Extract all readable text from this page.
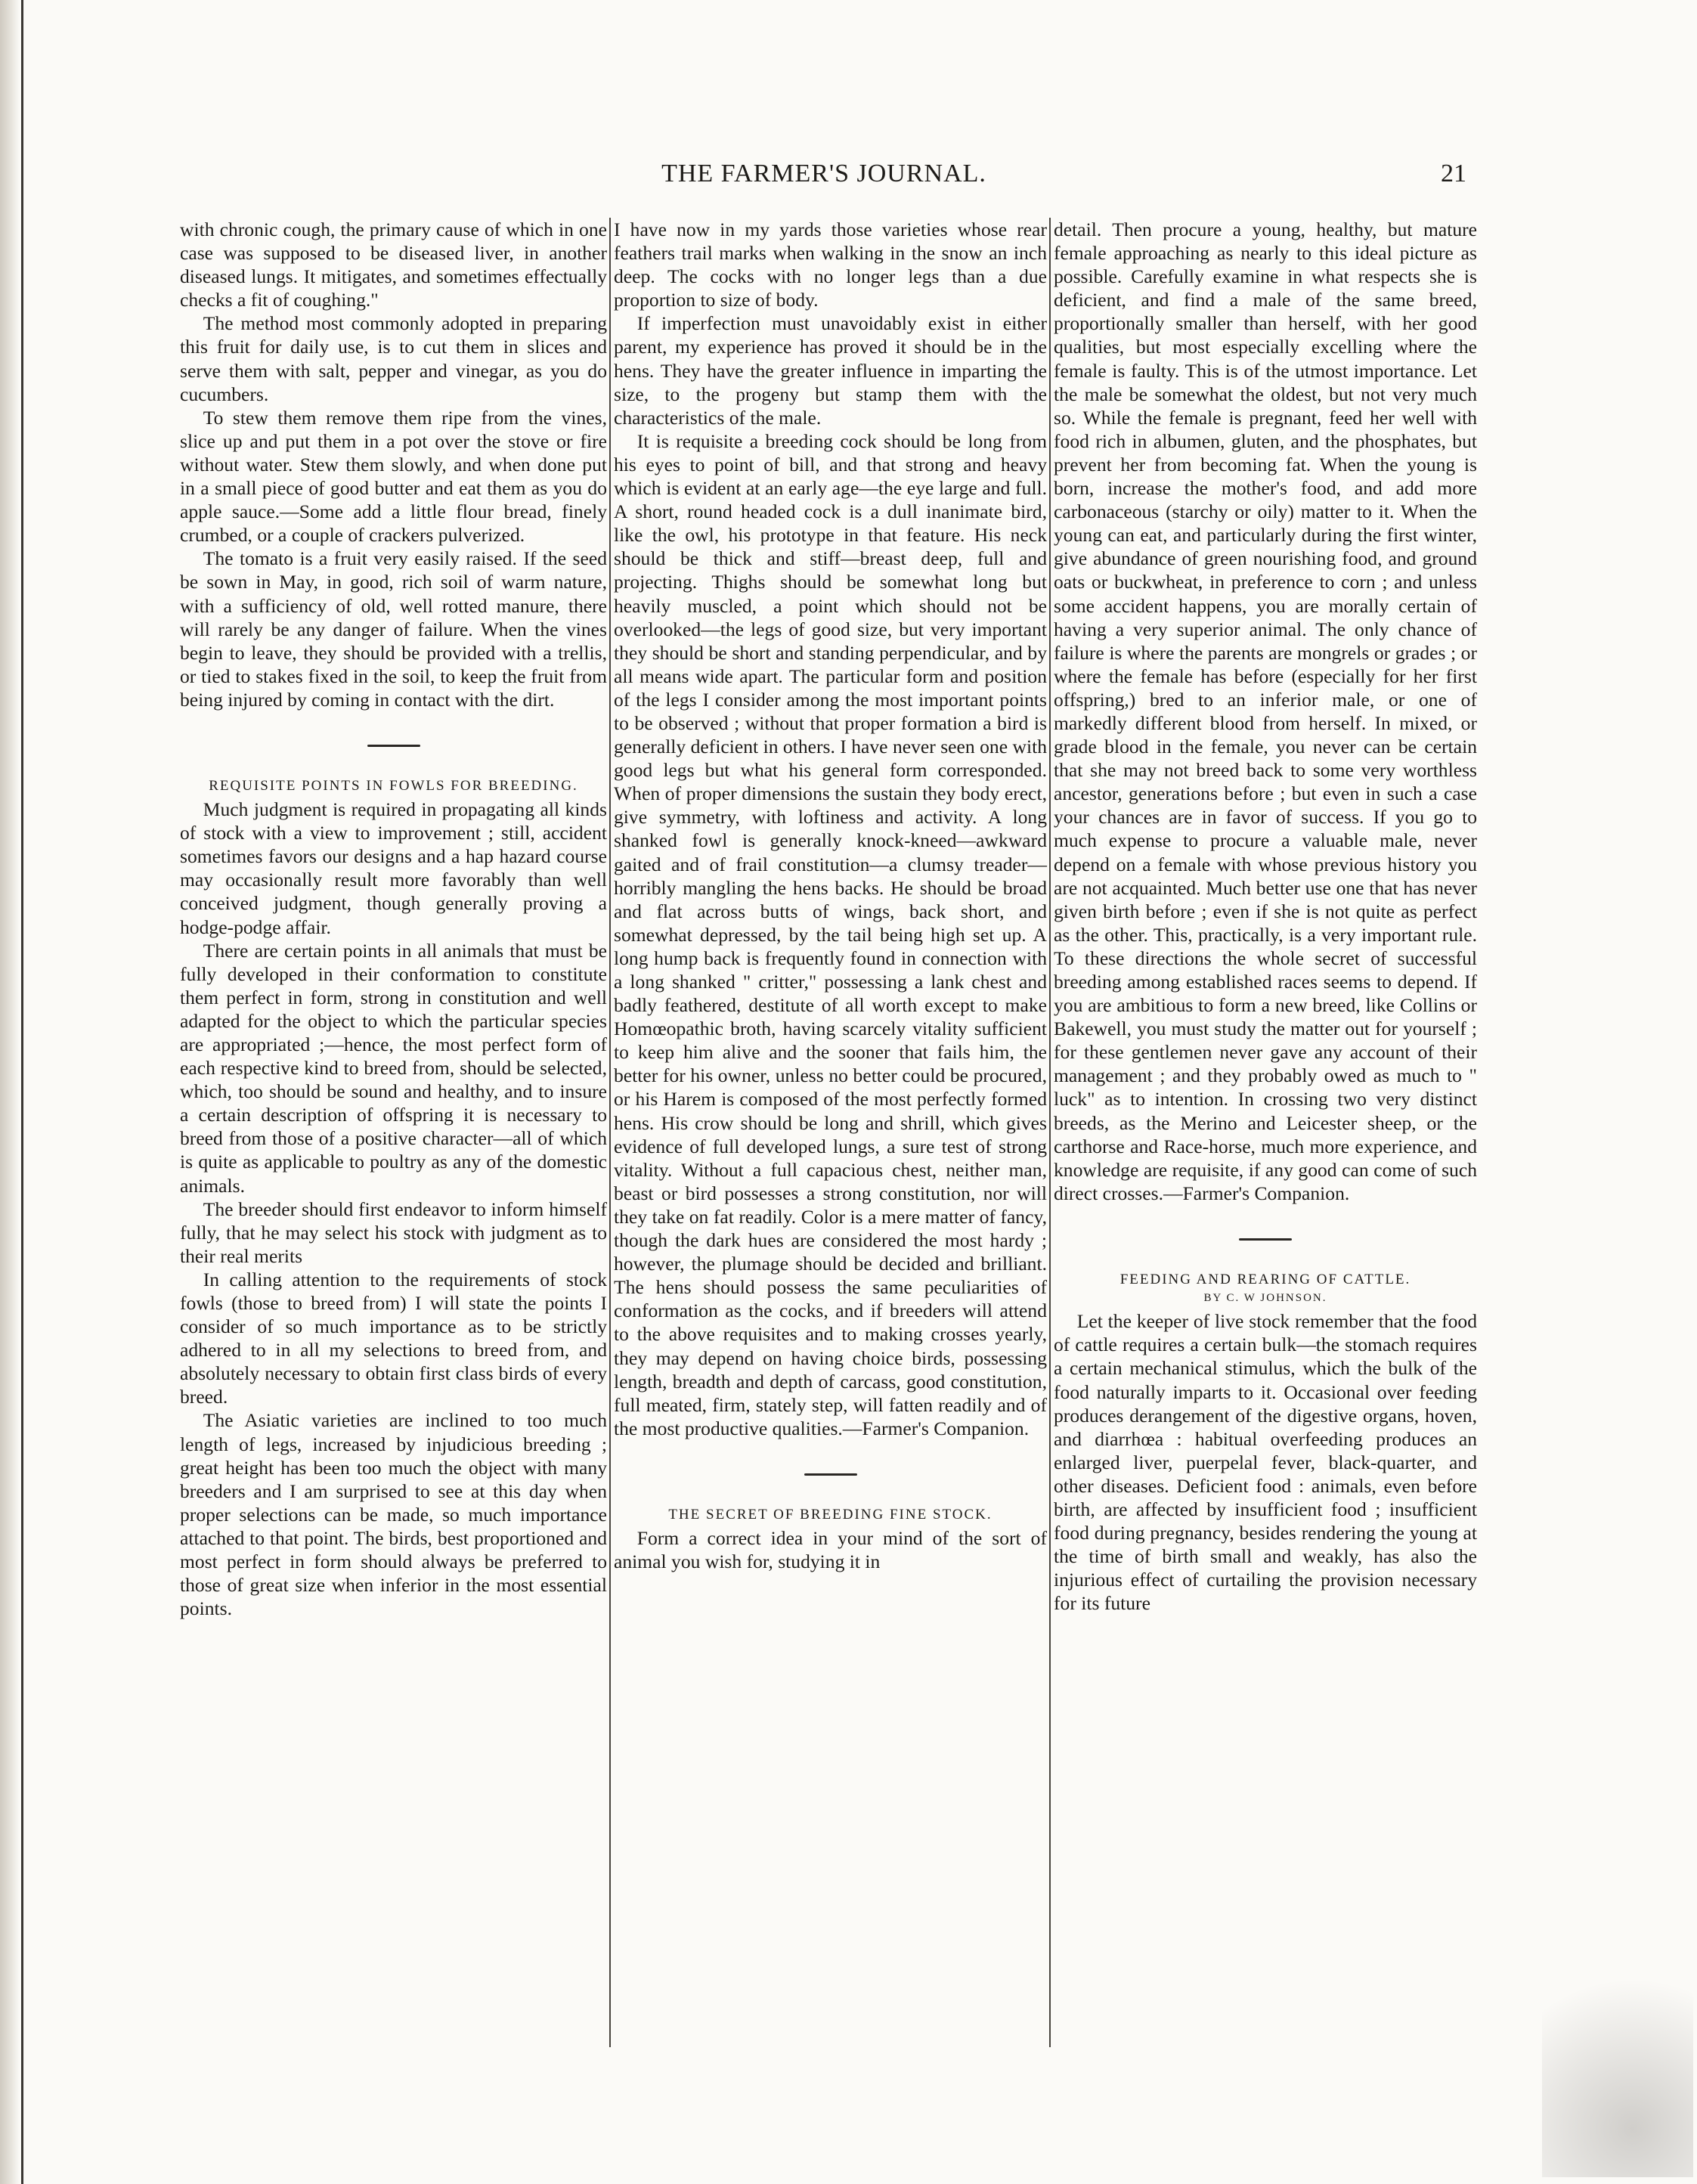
THE FARMER'S JOURNAL.	21

with chronic cough, the primary cause of which in one case was supposed to be diseased liver, in another diseased lungs. It mitigates, and sometimes effectually checks a fit of coughing."

The method most commonly adopted in preparing this fruit for daily use, is to cut them in slices and serve them with salt, pepper and vinegar, as you do cucumbers.

To stew them remove them ripe from the vines, slice up and put them in a pot over the stove or fire without water. Stew them slowly, and when done put in a small piece of good butter and eat them as you do apple sauce.—Some add a little flour bread, finely crumbed, or a couple of crackers pulverized.

The tomato is a fruit very easily raised. If the seed be sown in May, in good, rich soil of warm nature, with a sufficiency of old, well rotted manure, there will rarely be any danger of failure. When the vines begin to leave, they should be provided with a trellis, or tied to stakes fixed in the soil, to keep the fruit from being injured by coming in contact with the dirt.

REQUISITE POINTS IN FOWLS FOR BREEDING.

Much judgment is required in propagating all kinds of stock with a view to improvement ; still, accident sometimes favors our designs and a hap hazard course may occasionally result more favorably than well conceived judgment, though generally proving a hodge-podge affair.

There are certain points in all animals that must be fully developed in their conformation to constitute them perfect in form, strong in constitution and well adapted for the object to which the particular species are appropriated ;—hence, the most perfect form of each respective kind to breed from, should be selected, which, too should be sound and healthy, and to insure a certain description of offspring it is necessary to breed from those of a positive character—all of which is quite as applicable to poultry as any of the domestic animals.

The breeder should first endeavor to inform himself fully, that he may select his stock with judgment as to their real merits

In calling attention to the requirements of stock fowls (those to breed from) I will state the points I consider of so much importance as to be strictly adhered to in all my selections to breed from, and absolutely necessary to obtain first class birds of every breed.

The Asiatic varieties are inclined to too much length of legs, increased by injudicious breeding ; great height has been too much the object with many breeders and I am surprised to see at this day when proper selections can be made, so much importance attached to that point. The birds, best proportioned and most perfect in form should always be preferred to those of great size when inferior in the most essential points.

I have now in my yards those varieties whose rear feathers trail marks when walking in the snow an inch deep. The cocks with no longer legs than a due proportion to size of body.

If imperfection must unavoidably exist in either parent, my experience has proved it should be in the hens. They have the greater influence in imparting the size, to the progeny but stamp them with the characteristics of the male.

It is requisite a breeding cock should be long from his eyes to point of bill, and that strong and heavy which is evident at an early age—the eye large and full. A short, round headed cock is a dull inanimate bird, like the owl, his prototype in that feature. His neck should be thick and stiff—breast deep, full and projecting. Thighs should be somewhat long but heavily muscled, a point which should not be overlooked—the legs of good size, but very important they should be short and standing perpendicular, and by all means wide apart. The particular form and position of the legs I consider among the most important points to be observed ; without that proper formation a bird is generally deficient in others. I have never seen one with good legs but what his general form corresponded. When of proper dimensions the sustain they body erect, give symmetry, with loftiness and activity. A long shanked fowl is generally knock-kneed—awkward gaited and of frail constitution—a clumsy treader—horribly mangling the hens backs. He should be broad and flat across butts of wings, back short, and somewhat depressed, by the tail being high set up. A long hump back is frequently found in connection with a long shanked " critter," possessing a lank chest and badly feathered, destitute of all worth except to make Homœopathic broth, having scarcely vitality sufficient to keep him alive and the sooner that fails him, the better for his owner, unless no better could be procured, or his Harem is composed of the most perfectly formed hens. His crow should be long and shrill, which gives evidence of full developed lungs, a sure test of strong vitality. Without a full capacious chest, neither man, beast or bird possesses a strong constitution, nor will they take on fat readily. Color is a mere matter of fancy, though the dark hues are considered the most hardy ; however, the plumage should be decided and brilliant. The hens should possess the same peculiarities of conformation as the cocks, and if breeders will attend to the above requisites and to making crosses yearly, they may depend on having choice birds, possessing length, breadth and depth of carcass, good constitution, full meated, firm, stately step, will fatten readily and of the most productive qualities.—Farmer's Companion.

THE SECRET OF BREEDING FINE STOCK.

Form a correct idea in your mind of the sort of animal you wish for, studying it in

detail. Then procure a young, healthy, but mature female approaching as nearly to this ideal picture as possible. Carefully examine in what respects she is deficient, and find a male of the same breed, proportionally smaller than herself, with her good qualities, but most especially excelling where the female is faulty. This is of the utmost importance. Let the male be somewhat the oldest, but not very much so. While the female is pregnant, feed her well with food rich in albumen, gluten, and the phosphates, but prevent her from becoming fat. When the young is born, increase the mother's food, and add more carbonaceous (starchy or oily) matter to it. When the young can eat, and particularly during the first winter, give abundance of green nourishing food, and ground oats or buckwheat, in preference to corn ; and unless some accident happens, you are morally certain of having a very superior animal. The only chance of failure is where the parents are mongrels or grades ; or where the female has before (especially for her first offspring,) bred to an inferior male, or one of markedly different blood from herself. In mixed, or grade blood in the female, you never can be certain that she may not breed back to some very worthless ancestor, generations before ; but even in such a case your chances are in favor of success. If you go to much expense to procure a valuable male, never depend on a female with whose previous history you are not acquainted. Much better use one that has never given birth before ; even if she is not quite as perfect as the other. This, practically, is a very important rule. To these directions the whole secret of successful breeding among established races seems to depend. If you are ambitious to form a new breed, like Collins or Bakewell, you must study the matter out for yourself ; for these gentlemen never gave any account of their management ; and they probably owed as much to " luck" as to intention. In crossing two very distinct breeds, as the Merino and Leicester sheep, or the carthorse and Race-horse, much more experience, and knowledge are requisite, if any good can come of such direct crosses.—Farmer's Companion.

FEEDING AND REARING OF CATTLE.
BY C. W JOHNSON.

Let the keeper of live stock remember that the food of cattle requires a certain bulk—the stomach requires a certain mechanical stimulus, which the bulk of the food naturally imparts to it. Occasional over feeding produces derangement of the digestive organs, hoven, and diarrhœa : habitual overfeeding produces an enlarged liver, puerpelal fever, black-quarter, and other diseases. Deficient food : animals, even before birth, are affected by insufficient food ; insufficient food during pregnancy, besides rendering the young at the time of birth small and weakly, has also the injurious effect of curtailing the provision necessary for its future
